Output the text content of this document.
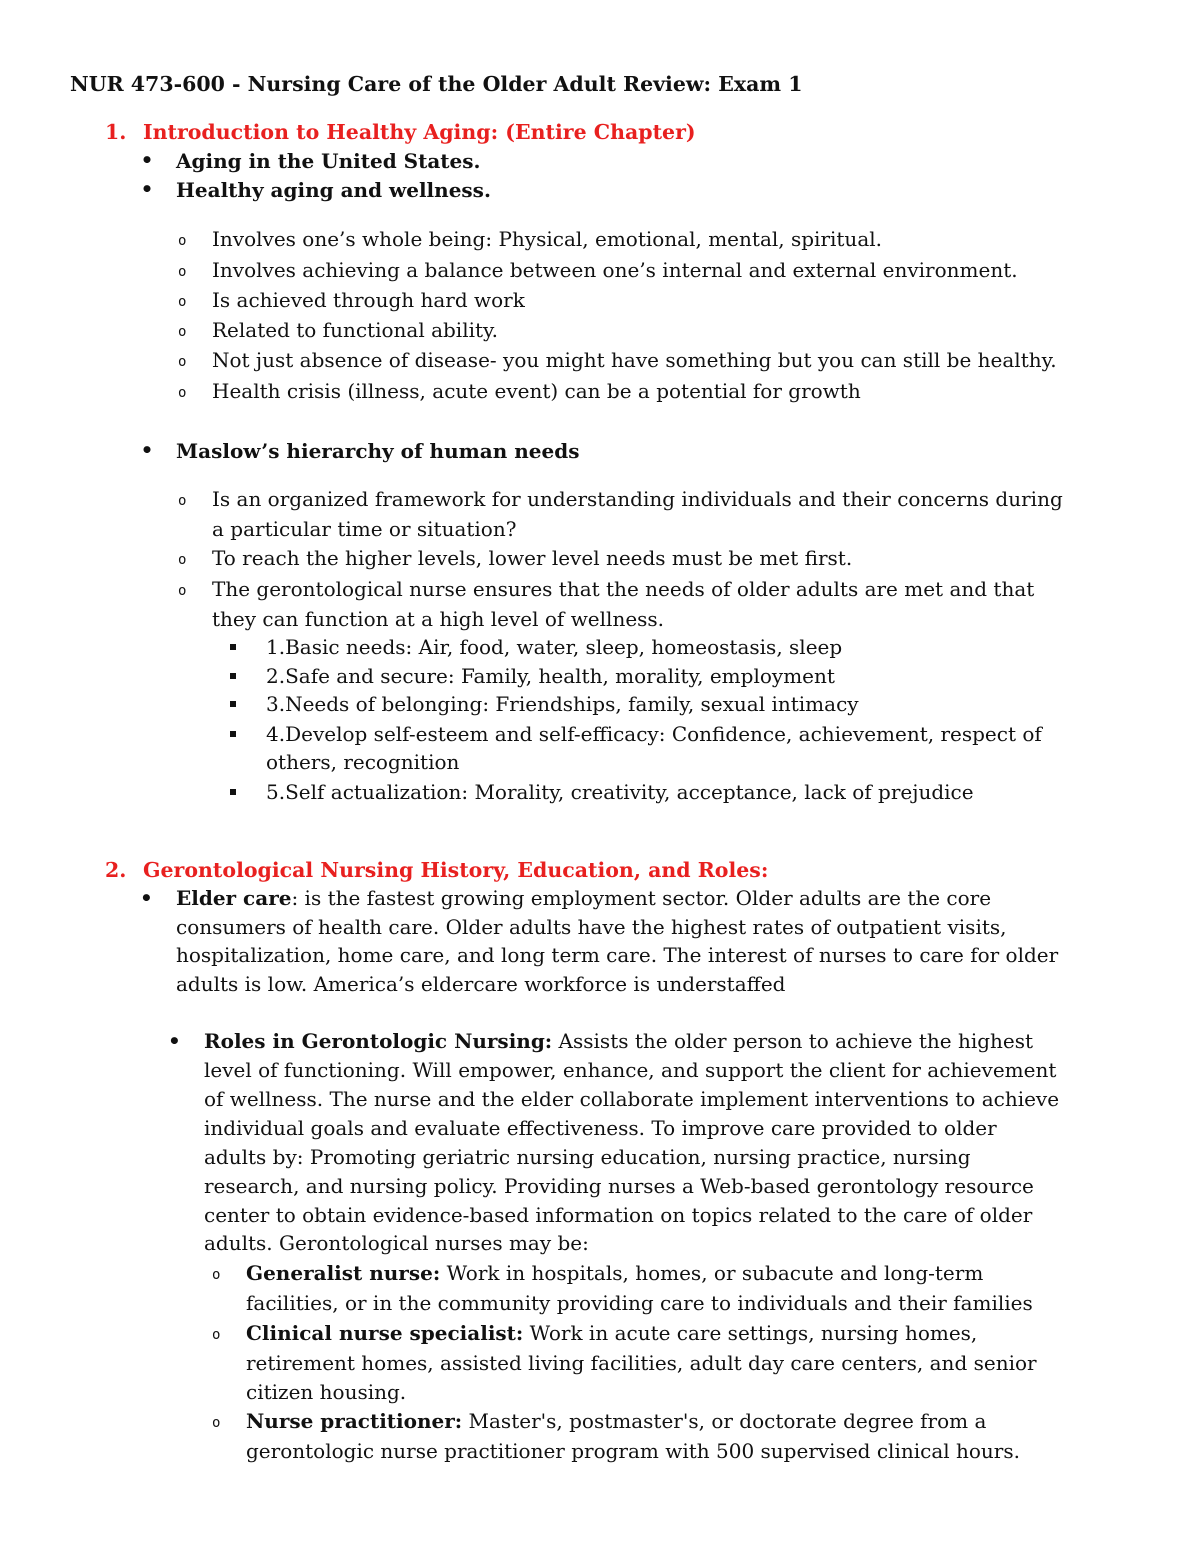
NUR 473-600 - Nursing Care of the Older Adult Review: Exam 1
1. Introduction to Healthy Aging: (Entire Chapter)
• Aging in the United States.
• Healthy aging and wellness.
o Involves one’s whole being: Physical, emotional, mental, spiritual.
o Involves achieving a balance between one’s internal and external environment.
o Is achieved through hard work
o Related to functional ability.
o Not just absence of disease- you might have something but you can still be healthy.
o Health crisis (illness, acute event) can be a potential for growth
• Maslow’s hierarchy of human needs
o Is an organized framework for understanding individuals and their concerns during
a particular time or situation?
o To reach the higher levels, lower level needs must be met first.
o The gerontological nurse ensures that the needs of older adults are met and that
they can function at a high level of wellness.
1.Basic needs: Air, food, water, sleep, homeostasis, sleep
2.Safe and secure: Family, health, morality, employment
3.Needs of belonging: Friendships, family, sexual intimacy
4.Develop self-esteem and self-efficacy: Confidence, achievement, respect of
others, recognition
5.Self actualization: Morality, creativity, acceptance, lack of prejudice
2. Gerontological Nursing History, Education, and Roles:
• Elder care: is the fastest growing employment sector. Older adults are the core
consumers of health care. Older adults have the highest rates of outpatient visits,
hospitalization, home care, and long term care. The interest of nurses to care for older
adults is low. America’s eldercare workforce is understaffed
• Roles in Gerontologic Nursing: Assists the older person to achieve the highest
level of functioning. Will empower, enhance, and support the client for achievement
of wellness. The nurse and the elder collaborate implement interventions to achieve
individual goals and evaluate effectiveness. To improve care provided to older
adults by: Promoting geriatric nursing education, nursing practice, nursing
research, and nursing policy. Providing nurses a Web-based gerontology resource
center to obtain evidence-based information on topics related to the care of older
adults. Gerontological nurses may be:
o Generalist nurse: Work in hospitals, homes, or subacute and long-term
facilities, or in the community providing care to individuals and their families
o Clinical nurse specialist: Work in acute care settings, nursing homes,
retirement homes, assisted living facilities, adult day care centers, and senior
citizen housing.
o Nurse practitioner: Master's, postmaster's, or doctorate degree from a
gerontologic nurse practitioner program with 500 supervised clinical hours.
